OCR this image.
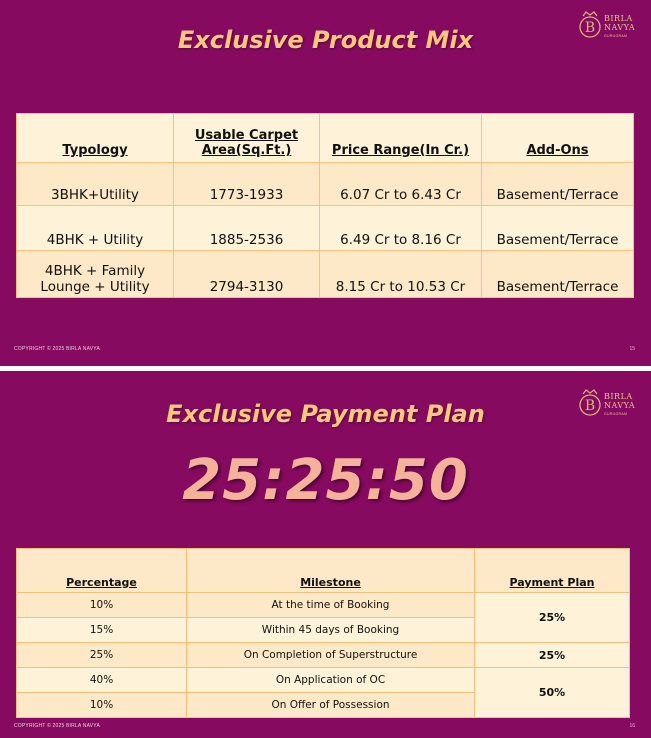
B
BIRLA
NAVYA
GURUGRAM
Exclusive Product Mix
Typology	Usable Carpet Area(Sq.Ft.)	Price Range(In Cr.)	Add-Ons
3BHK+Utility	1773-1933	6.07 Cr to 6.43 Cr	Basement/Terrace
4BHK + Utility	1885-2536	6.49 Cr to 8.16 Cr	Basement/Terrace
4BHK + Family Lounge + Utility	2794-3130	8.15 Cr to 10.53 Cr	Basement/Terrace
COPYRIGHT © 2025 BIRLA NAVYA	15
B
BIRLA
NAVYA
GURUGRAM
Exclusive Payment Plan
25:25:50
Percentage	Milestone	Payment Plan
10%	At the time of Booking	25%
15%	Within 45 days of Booking	
25%	On Completion of Superstructure	25%
40%	On Application of OC	50%
10%	On Offer of Possession	
COPYRIGHT © 2025 BIRLA NAVYA	16
